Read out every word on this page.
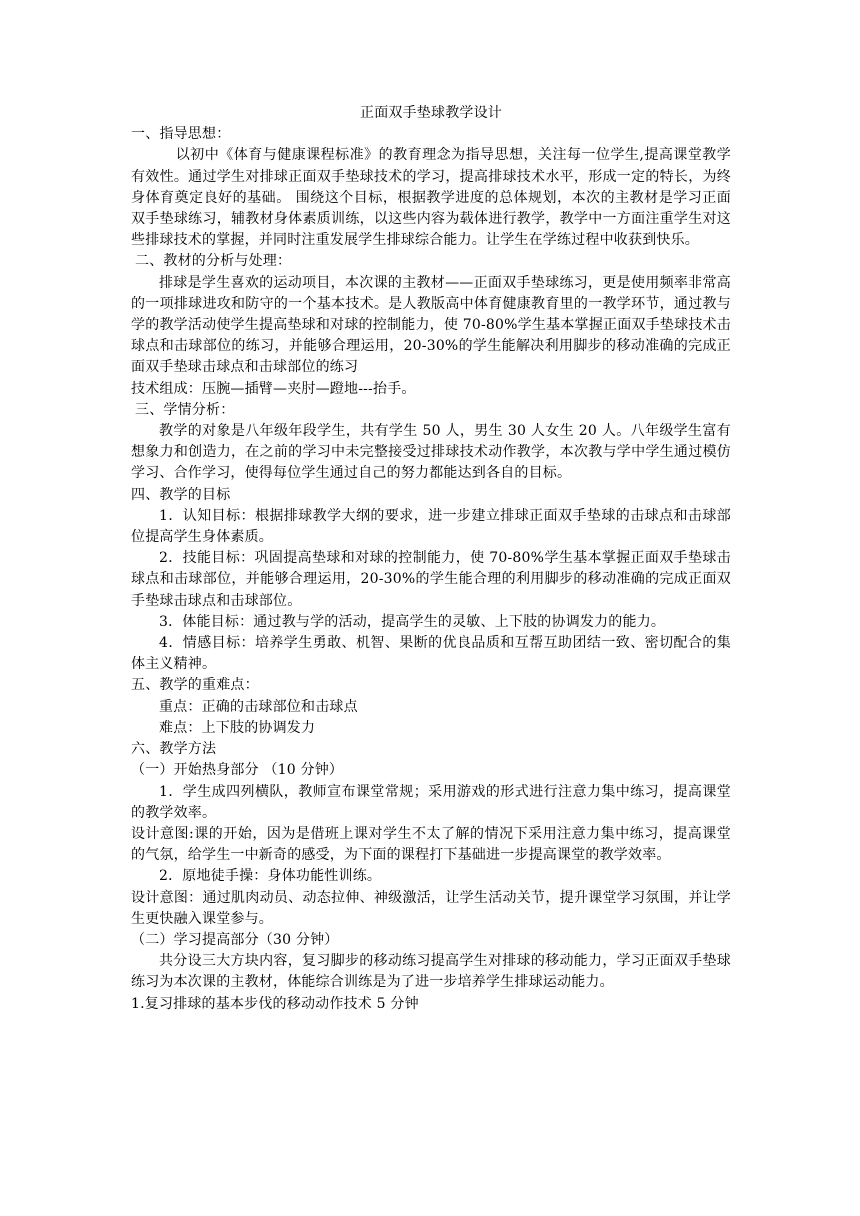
正面双手垫球教学设计

一、指导思想：

以初中《体育与健康课程标准》的教育理念为指导思想，关注每一位学生,提高课堂教学有效性。通过学生对排球正面双手垫球技术的学习，提高排球技术水平，形成一定的特长，为终身体育奠定良好的基础。 围绕这个目标，根据教学进度的总体规划，本次的主教材是学习正面双手垫球练习，辅教材身体素质训练，以这些内容为载体进行教学，教学中一方面注重学生对这些排球技术的掌握，并同时注重发展学生排球综合能力。让学生在学练过程中收获到快乐。

二、教材的分析与处理：

排球是学生喜欢的运动项目，本次课的主教材——正面双手垫球练习，更是使用频率非常高的一项排球进攻和防守的一个基本技术。是人教版高中体育健康教育里的一教学环节，通过教与学的教学活动使学生提高垫球和对球的控制能力，使 70-80%学生基本掌握正面双手垫球技术击球点和击球部位的练习，并能够合理运用，20-30%的学生能解决利用脚步的移动准确的完成正面双手垫球击球点和击球部位的练习

技术组成：压腕—插臂—夹肘—蹬地---抬手。

三、学情分析：

教学的对象是八年级年段学生，共有学生 50 人，男生 30 人女生 20 人。八年级学生富有想象力和创造力，在之前的学习中未完整接受过排球技术动作教学，本次教与学中学生通过模仿学习、合作学习，使得每位学生通过自己的努力都能达到各自的目标。

四、教学的目标

1．认知目标：根据排球教学大纲的要求，进一步建立排球正面双手垫球的击球点和击球部位提高学生身体素质。

2．技能目标：巩固提高垫球和对球的控制能力，使 70-80%学生基本掌握正面双手垫球击球点和击球部位，并能够合理运用，20-30%的学生能合理的利用脚步的移动准确的完成正面双手垫球击球点和击球部位。

3．体能目标：通过教与学的活动，提高学生的灵敏、上下肢的协调发力的能力。

4．情感目标：培养学生勇敢、机智、果断的优良品质和互帮互助团结一致、密切配合的集体主义精神。

五、教学的重难点：

重点：正确的击球部位和击球点

难点：上下肢的协调发力

六、教学方法

（一）开始热身部分 （10 分钟）

1．学生成四列横队，教师宣布课堂常规；采用游戏的形式进行注意力集中练习，提高课堂的教学效率。

设计意图:课的开始，因为是借班上课对学生不太了解的情况下采用注意力集中练习，提高课堂的气氛，给学生一中新奇的感受，为下面的课程打下基础进一步提高课堂的教学效率。

2．原地徒手操：身体功能性训练。

设计意图：通过肌肉动员、动态拉伸、神级激活，让学生活动关节，提升课堂学习氛围，并让学生更快融入课堂参与。

（二）学习提高部分（30 分钟）

共分设三大方块内容，复习脚步的移动练习提高学生对排球的移动能力，学习正面双手垫球练习为本次课的主教材，体能综合训练是为了进一步培养学生排球运动能力。

1.复习排球的基本步伐的移动动作技术 5 分钟
